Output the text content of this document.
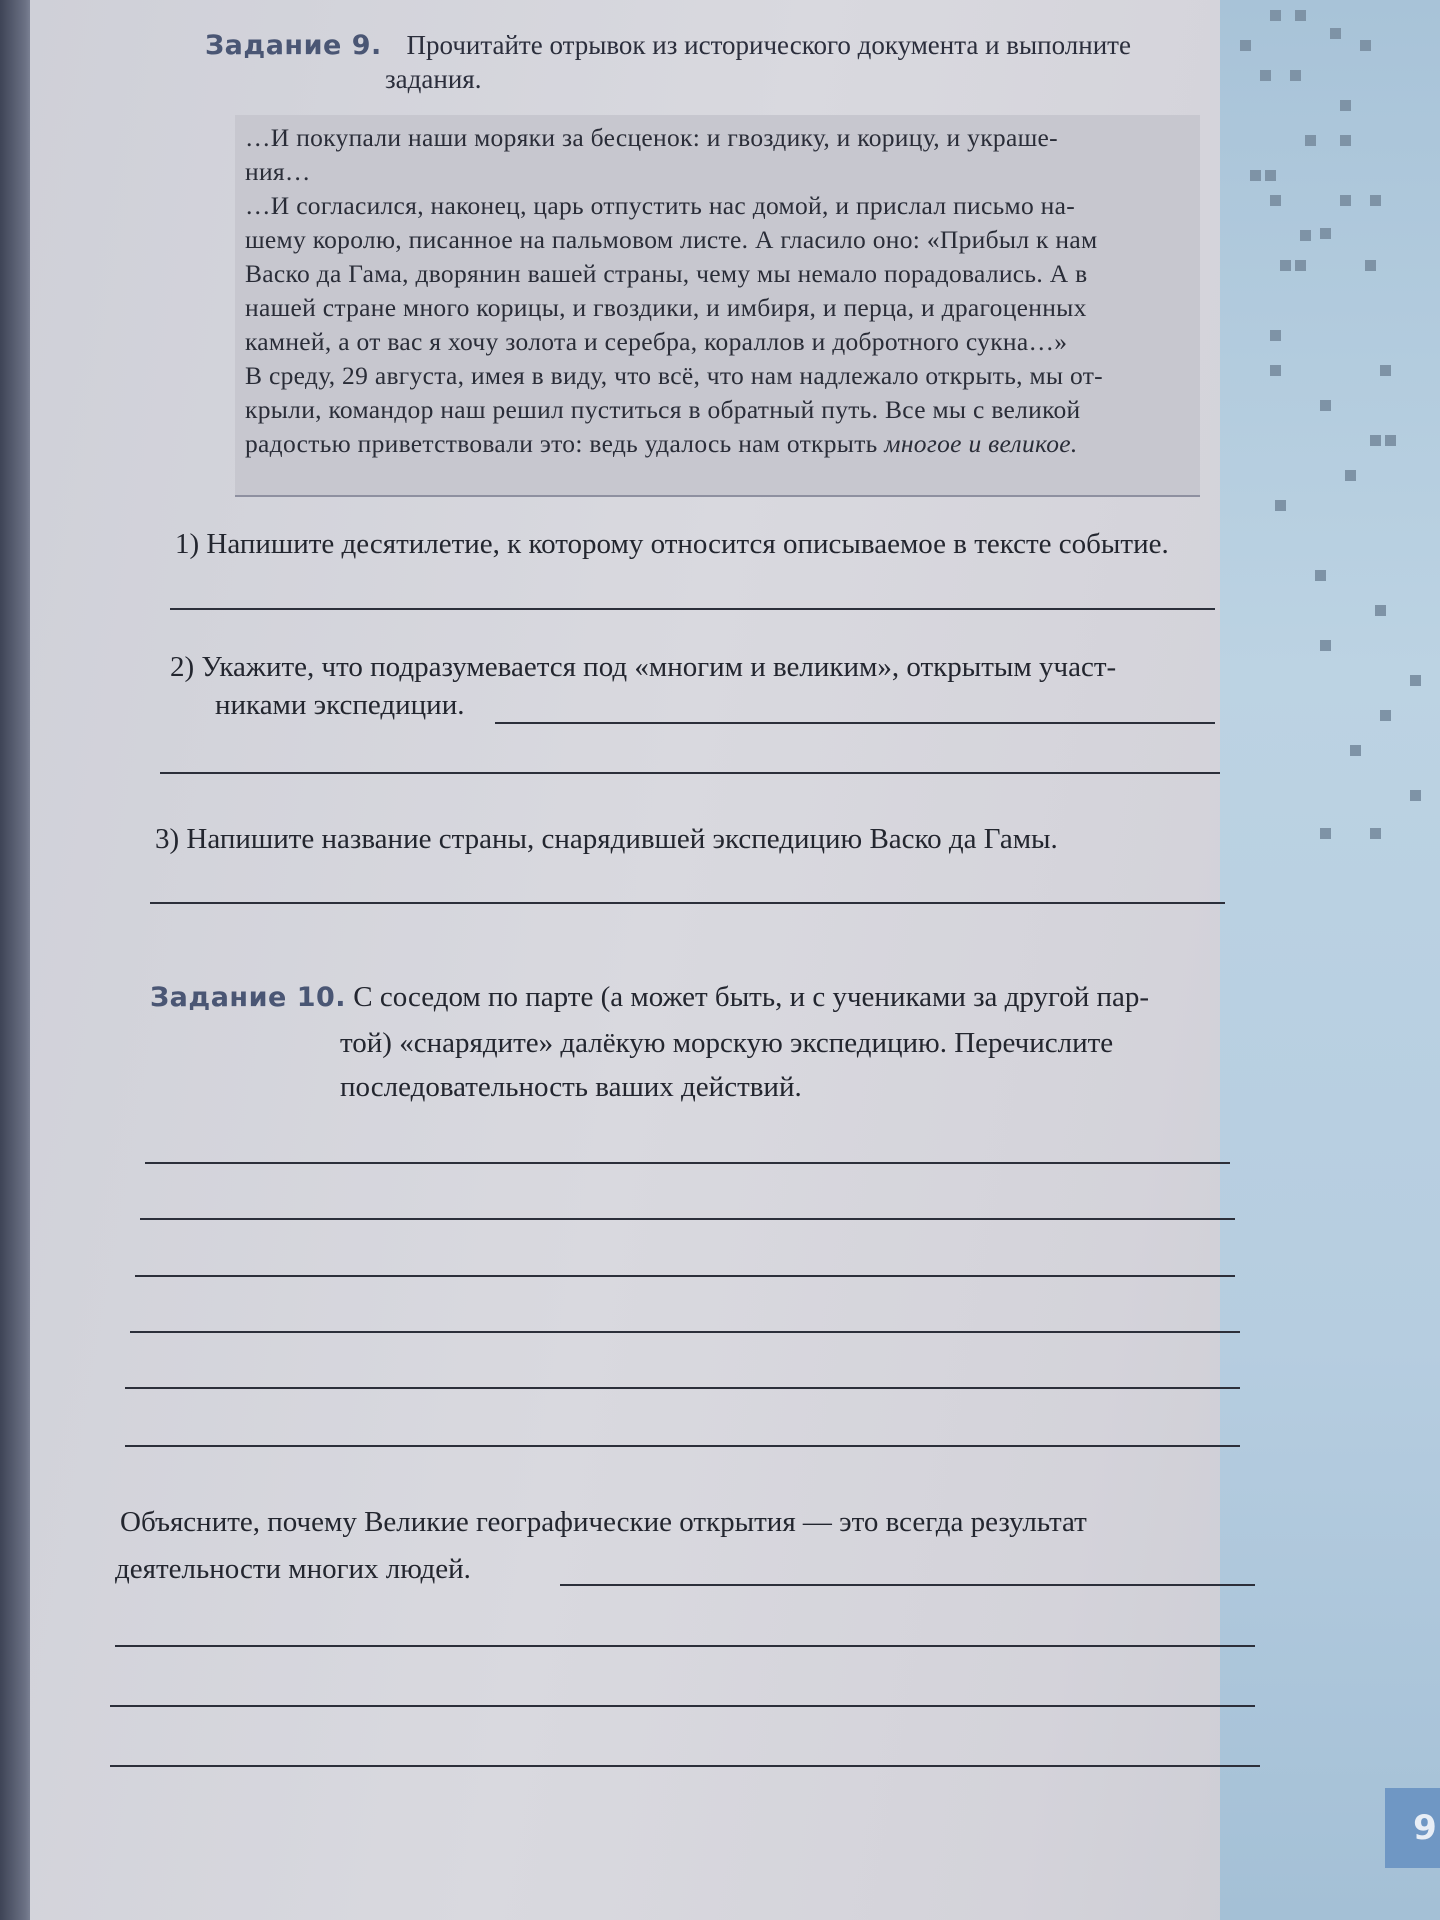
9
Задание 9. Прочитайте отрывок из исторического документа и выполните
задания.

…И покупали наши моряки за бесценок: и гвоздику, и корицу, и украше-

ния…

…И согласился, наконец, царь отпустить нас домой, и прислал письмо на-

шему королю, писанное на пальмовом листе. А гласило оно: «Прибыл к нам

Васко да Гама, дворянин вашей страны, чему мы немало порадовались. А в

нашей стране много корицы, и гвоздики, и имбиря, и перца, и драгоценных

камней, а от вас я хочу золота и серебра, кораллов и добротного сукна…»

В среду, 29 августа, имея в виду, что всё, что нам надлежало открыть, мы от-

крыли, командор наш решил пуститься в обратный путь. Все мы с великой

радостью приветствовали это: ведь удалось нам открыть многое и великое.

1) Напишите десятилетие, к которому относится описываемое в тексте событие.
2) Укажите, что подразумевается под «многим и великим», открытым участ-
никами экспедиции.
3) Напишите название страны, снарядившей экспедицию Васко да Гамы.
Задание 10. С соседом по парте (а может быть, и с учениками за другой пар-
той) «снарядите» далёкую морскую экспедицию. Перечислите
последовательность ваших действий.
Объясните, почему Великие географические открытия — это всегда результат
деятельности многих людей.
